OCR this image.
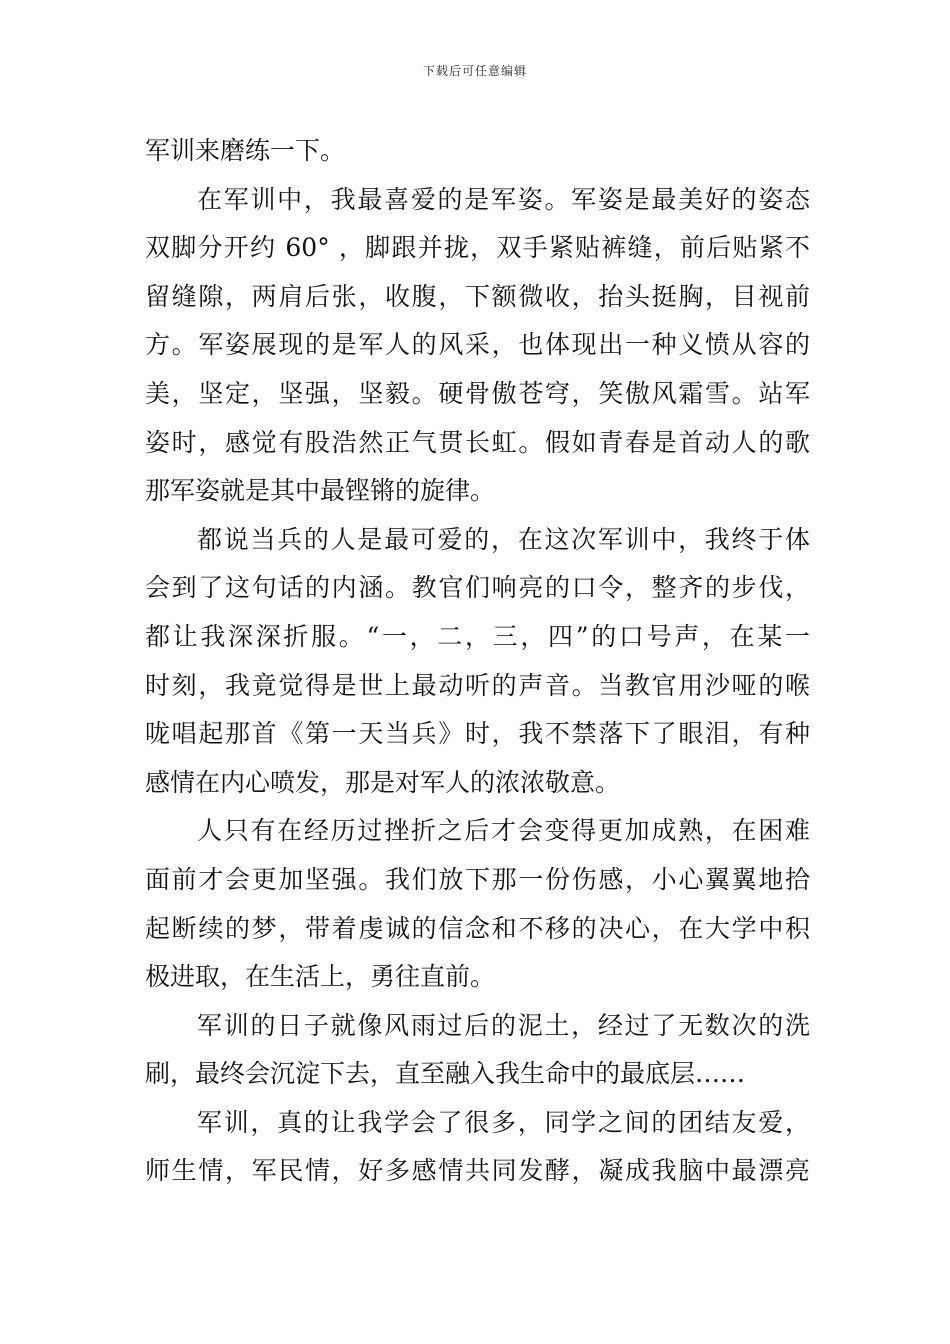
下载后可任意编辑
军训来磨练一下。
在军训中，我最喜爱的是军姿。军姿是最美好的姿态
双脚分开约 60° ，脚跟并拢，双手紧贴裤缝，前后贴紧不
留缝隙，两肩后张，收腹，下额微收，抬头挺胸，目视前
方。军姿展现的是军人的风采，也体现出一种义愤从容的
美，坚定，坚强，坚毅。硬骨傲苍穹，笑傲风霜雪。站军
姿时，感觉有股浩然正气贯长虹。假如青春是首动人的歌
那军姿就是其中最铿锵的旋律。
都说当兵的人是最可爱的，在这次军训中，我终于体
会到了这句话的内涵。教官们响亮的口令，整齐的步伐，
都让我深深折服。“一，二，三，四”的口号声，在某一
时刻，我竟觉得是世上最动听的声音。当教官用沙哑的喉
咙唱起那首《第一天当兵》时，我不禁落下了眼泪，有种
感情在内心喷发，那是对军人的浓浓敬意。
人只有在经历过挫折之后才会变得更加成熟，在困难
面前才会更加坚强。我们放下那一份伤感，小心翼翼地拾
起断续的梦，带着虔诚的信念和不移的决心，在大学中积
极进取，在生活上，勇往直前。
军训的日子就像风雨过后的泥土，经过了无数次的洗
刷，最终会沉淀下去，直至融入我生命中的最底层……
军训，真的让我学会了很多，同学之间的团结友爱，
师生情，军民情，好多感情共同发酵，凝成我脑中最漂亮
